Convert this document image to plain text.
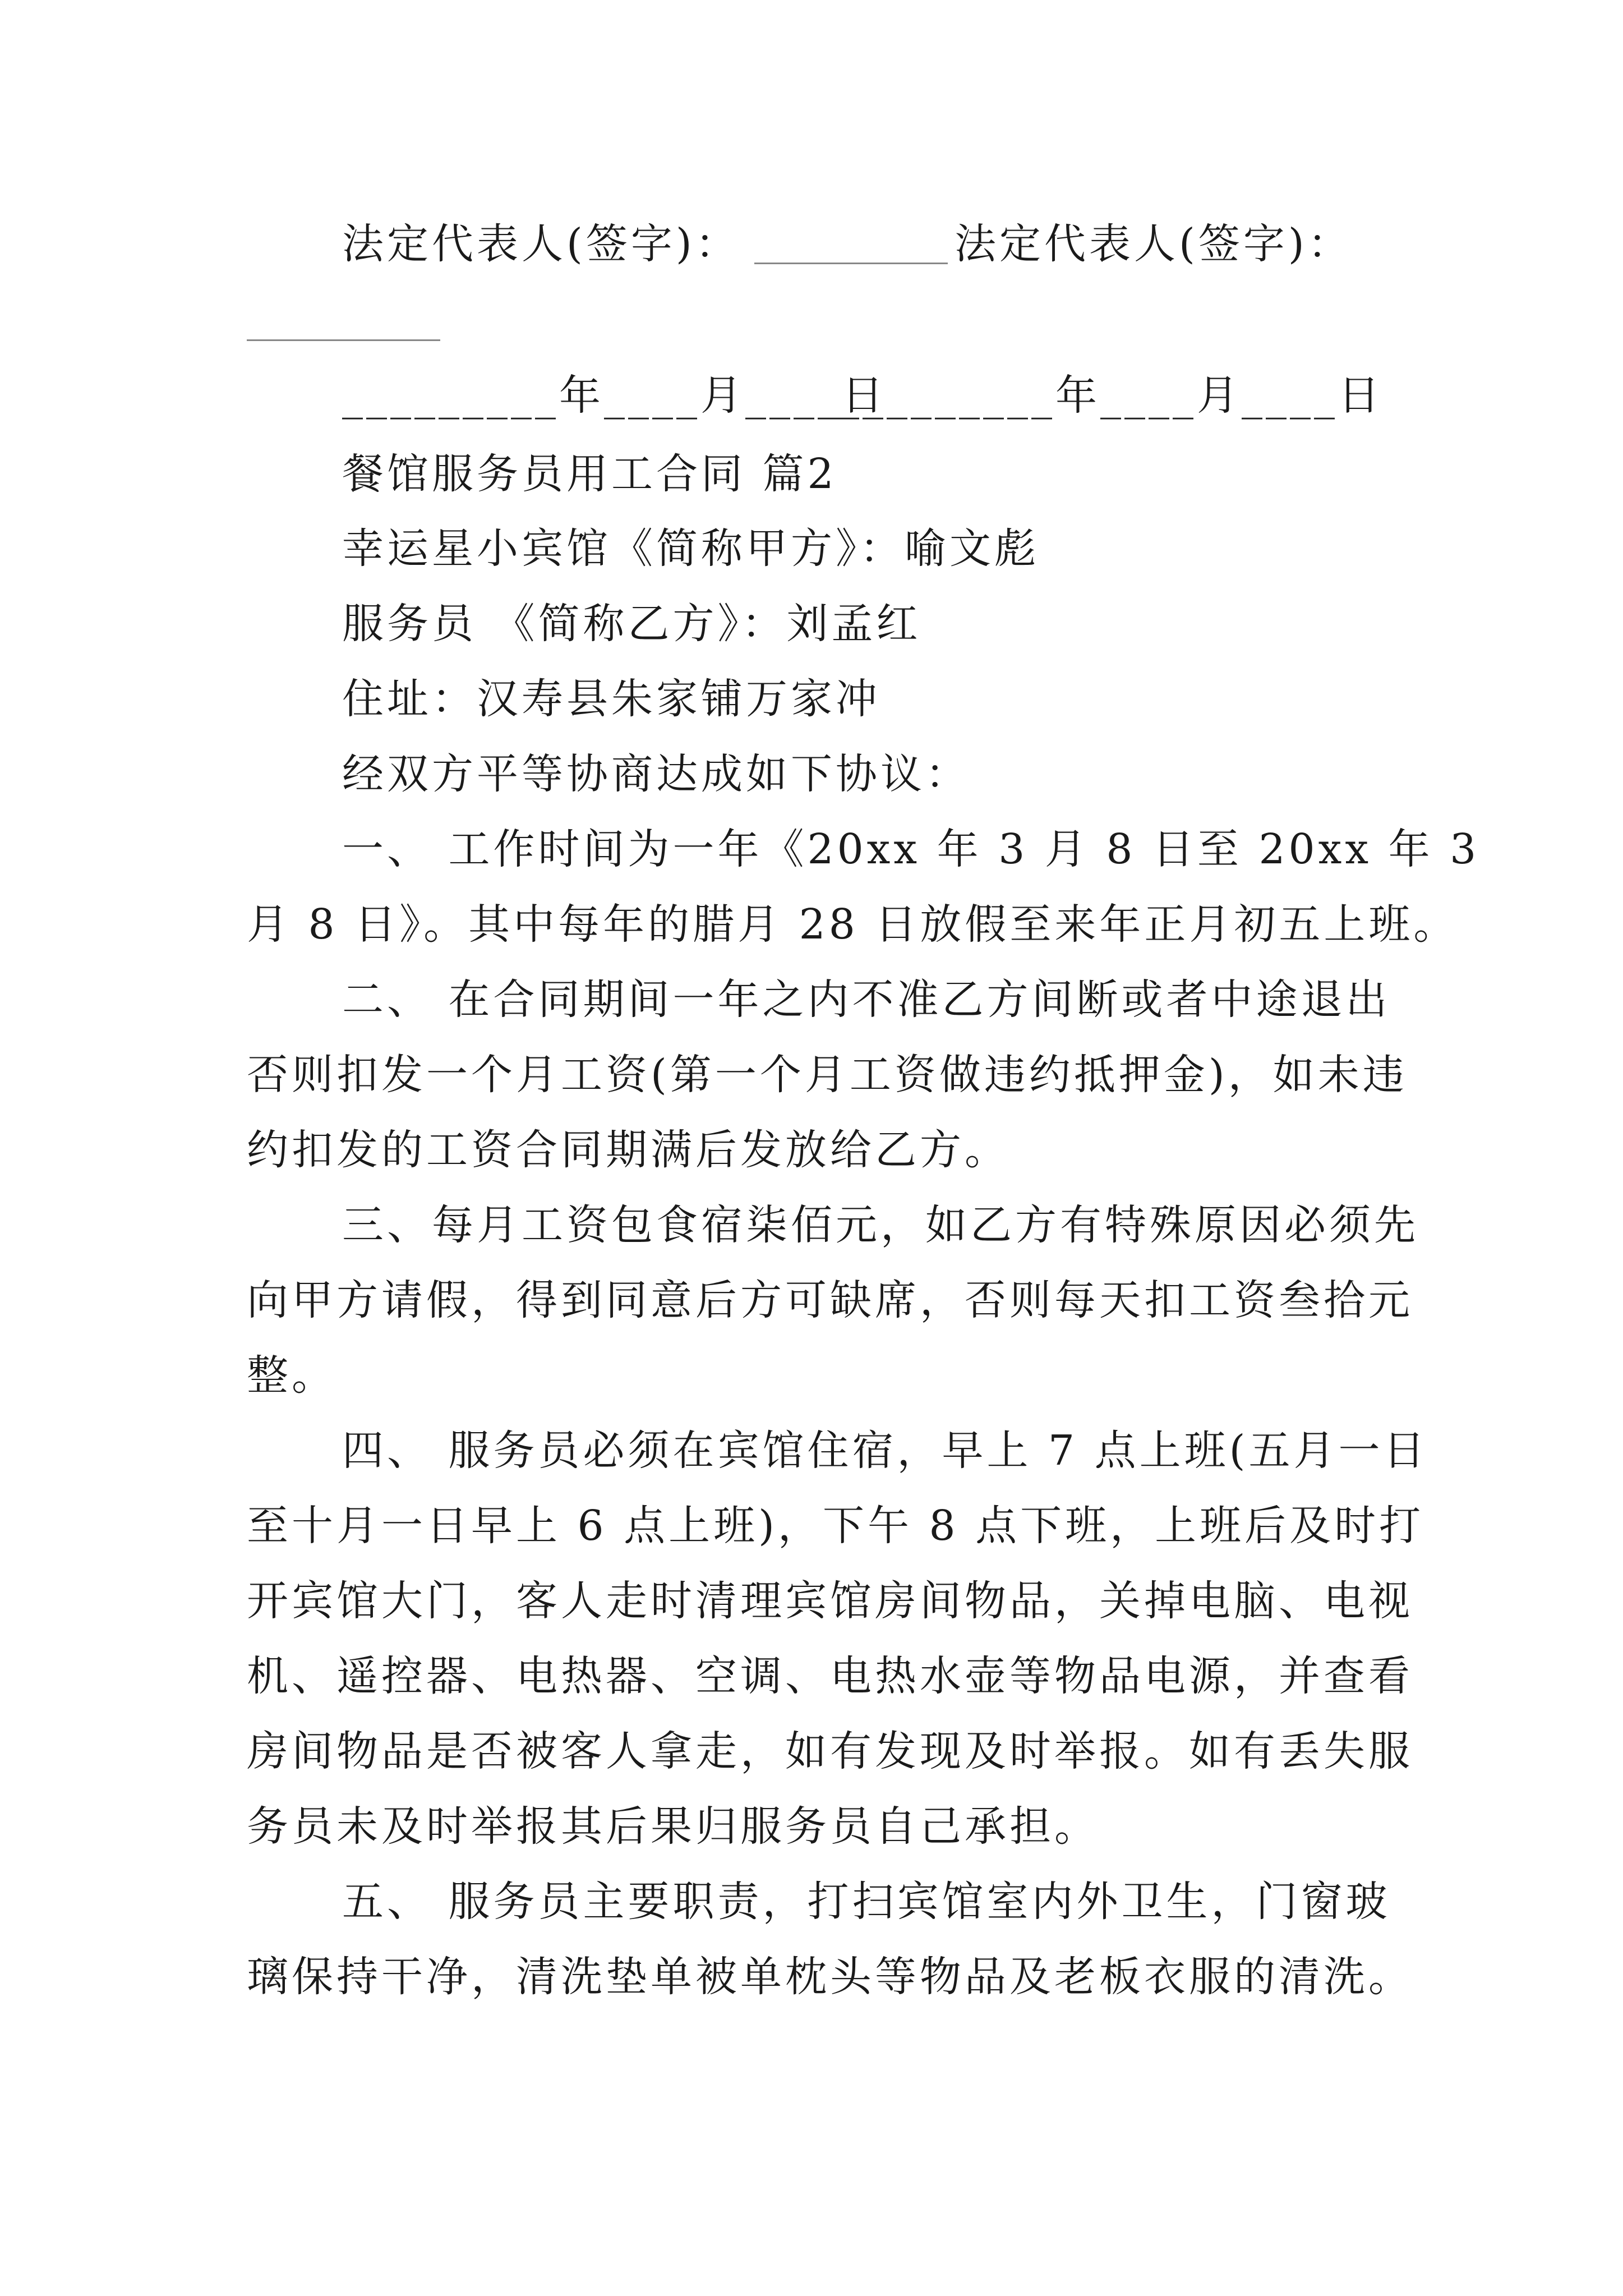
法定代表人(签字)：	法定代表人(签字)：
_________年____月____日
_________年____月____日
餐馆服务员用工合同 篇2
幸运星小宾馆《简称甲方》：喻文彪
服务员 《简称乙方》：刘孟红
住址：汉寿县朱家铺万家冲
经双方平等协商达成如下协议：
一、 工作时间为一年《20xx 年 3 月 8 日至 20xx 年 3
月 8 日》。其中每年的腊月 28 日放假至来年正月初五上班。
二、 在合同期间一年之内不准乙方间断或者中途退出
否则扣发一个月工资(第一个月工资做违约抵押金)，如未违
约扣发的工资合同期满后发放给乙方。
三、每月工资包食宿柒佰元，如乙方有特殊原因必须先
向甲方请假，得到同意后方可缺席，否则每天扣工资叁拾元
整。
四、 服务员必须在宾馆住宿，早上 7 点上班(五月一日
至十月一日早上 6 点上班)，下午 8 点下班，上班后及时打
开宾馆大门，客人走时清理宾馆房间物品，关掉电脑、电视
机、遥控器、电热器、空调、电热水壶等物品电源，并查看
房间物品是否被客人拿走，如有发现及时举报。如有丢失服
务员未及时举报其后果归服务员自己承担。
五、 服务员主要职责，打扫宾馆室内外卫生，门窗玻
璃保持干净，清洗垫单被单枕头等物品及老板衣服的清洗。
